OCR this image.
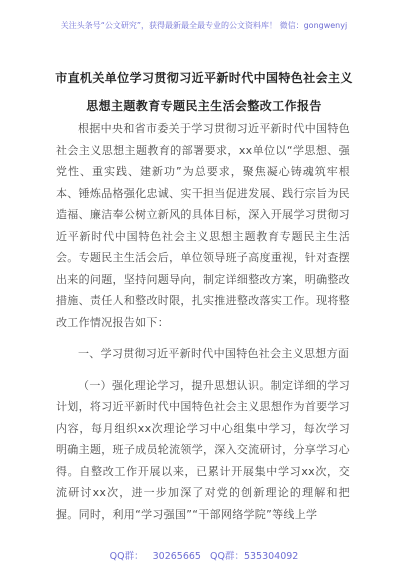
关注头条号“公文研究”，获得最新最全最专业的公文资料库！ 微信：gongwenyj
市直机关单位学习贯彻习近平新时代中国特色社会主义思想主题教育专题民主生活会整改工作报告

根据中央和省市委关于学习贯彻习近平新时代中国特色社会主义思想主题教育的部署要求，xx单位以“学思想、强党性、重实践、建新功”为总要求，聚焦凝心铸魂筑牢根本、锤炼品格强化忠诚、实干担当促进发展、践行宗旨为民造福、廉洁奉公树立新风的具体目标，深入开展学习贯彻习近平新时代中国特色社会主义思想主题教育专题民主生活会。专题民主生活会后，单位领导班子高度重视，针对查摆出来的问题，坚持问题导向，制定详细整改方案，明确整改措施、责任人和整改时限，扎实推进整改落实工作。现将整改工作情况报告如下：

一、学习贯彻习近平新时代中国特色社会主义思想方面

（一）强化理论学习，提升思想认识。制定详细的学习计划，将习近平新时代中国特色社会主义思想作为首要学习内容，每月组织xx次理论学习中心组集中学习，每次学习明确主题，班子成员轮流领学，深入交流研讨，分享学习心得。自整改工作开展以来，已累计开展集中学习xx次，交流研讨xx次，进一步加深了对党的创新理论的理解和把握。同时，利用“学习强国”“干部网络学院”等线上学

QQ群： 30265665 QQ群：535304092
